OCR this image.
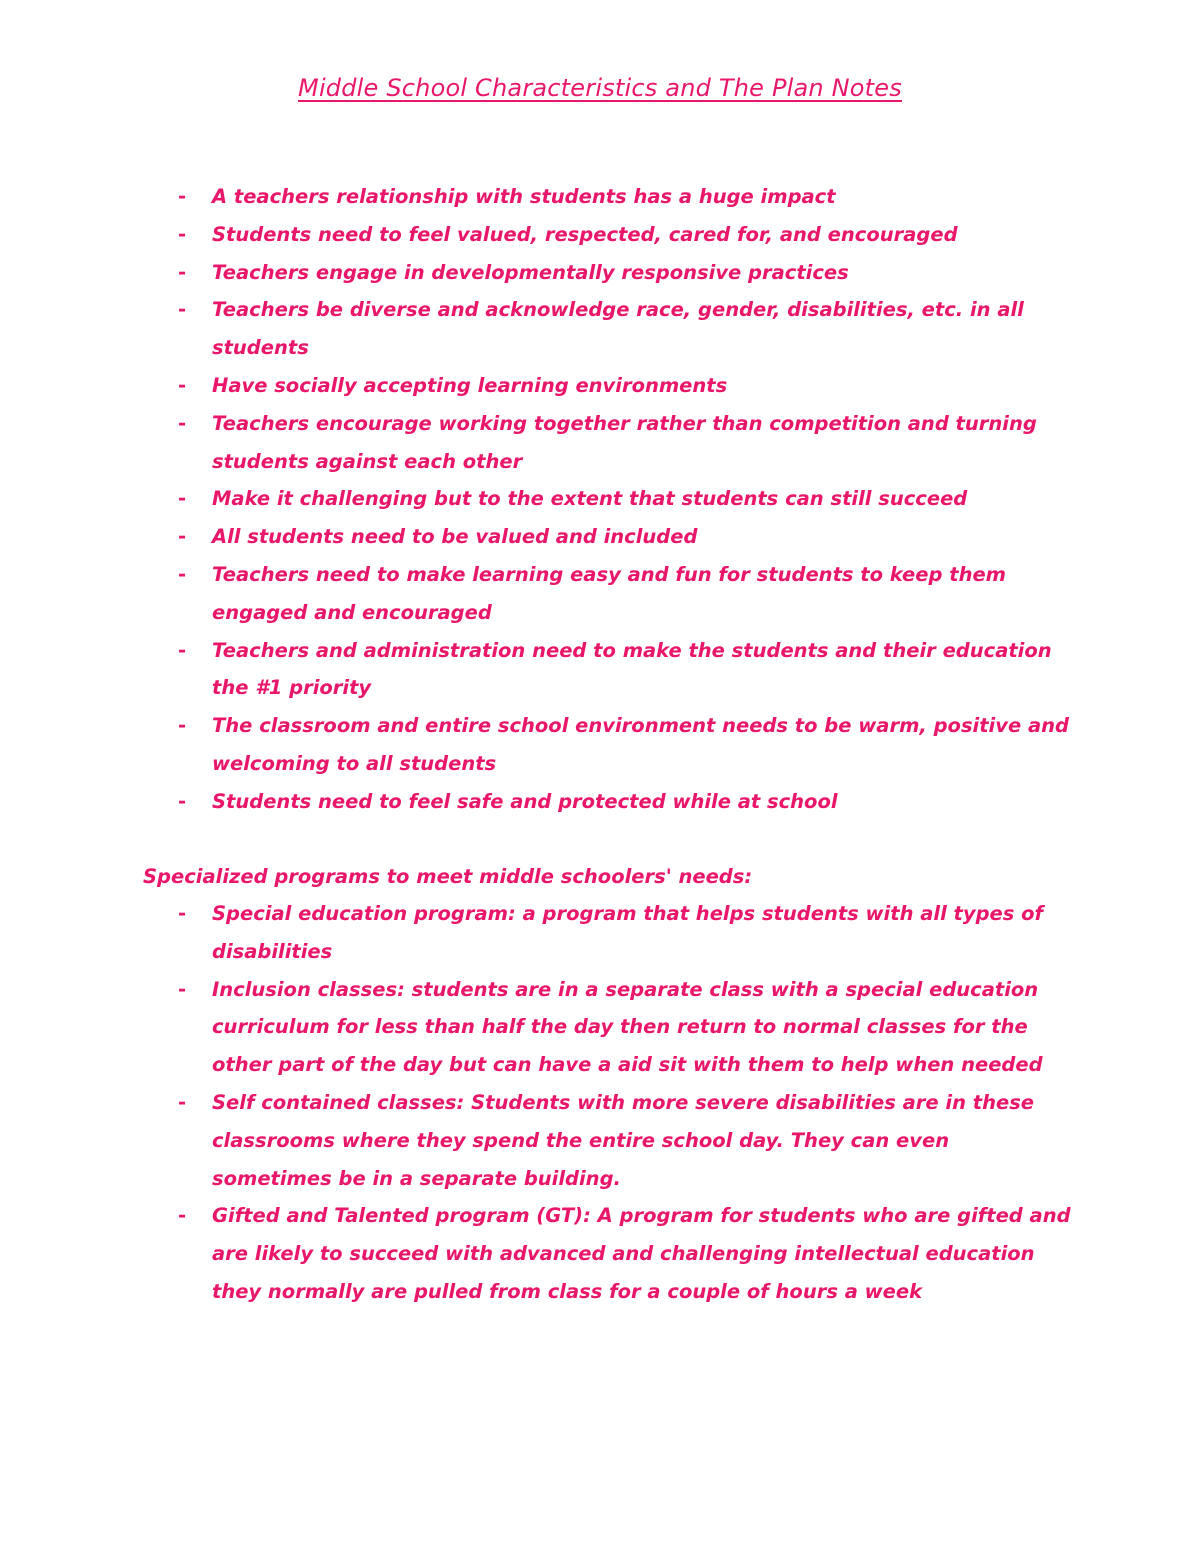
Middle School Characteristics and The Plan Notes
- A teachers relationship with students has a huge impact
- Students need to feel valued, respected, cared for, and encouraged
- Teachers engage in developmentally responsive practices
- Teachers be diverse and acknowledge race, gender, disabilities, etc. in all students
- Have socially accepting learning environments
- Teachers encourage working together rather than competition and turning students against each other
- Make it challenging but to the extent that students can still succeed
- All students need to be valued and included
- Teachers need to make learning easy and fun for students to keep them engaged and encouraged
- Teachers and administration need to make the students and their education the #1 priority
- The classroom and entire school environment needs to be warm, positive and welcoming to all students
- Students need to feel safe and protected while at school

Specialized programs to meet middle schoolers' needs:

- Special education program: a program that helps students with all types of disabilities
- Inclusion classes: students are in a separate class with a special education curriculum for less than half the day then return to normal classes for the other part of the day but can have a aid sit with them to help when needed
- Self contained classes: Students with more severe disabilities are in these classrooms where they spend the entire school day. They can even sometimes be in a separate building.
- Gifted and Talented program (GT): A program for students who are gifted and are likely to succeed with advanced and challenging intellectual education they normally are pulled from class for a couple of hours a week
